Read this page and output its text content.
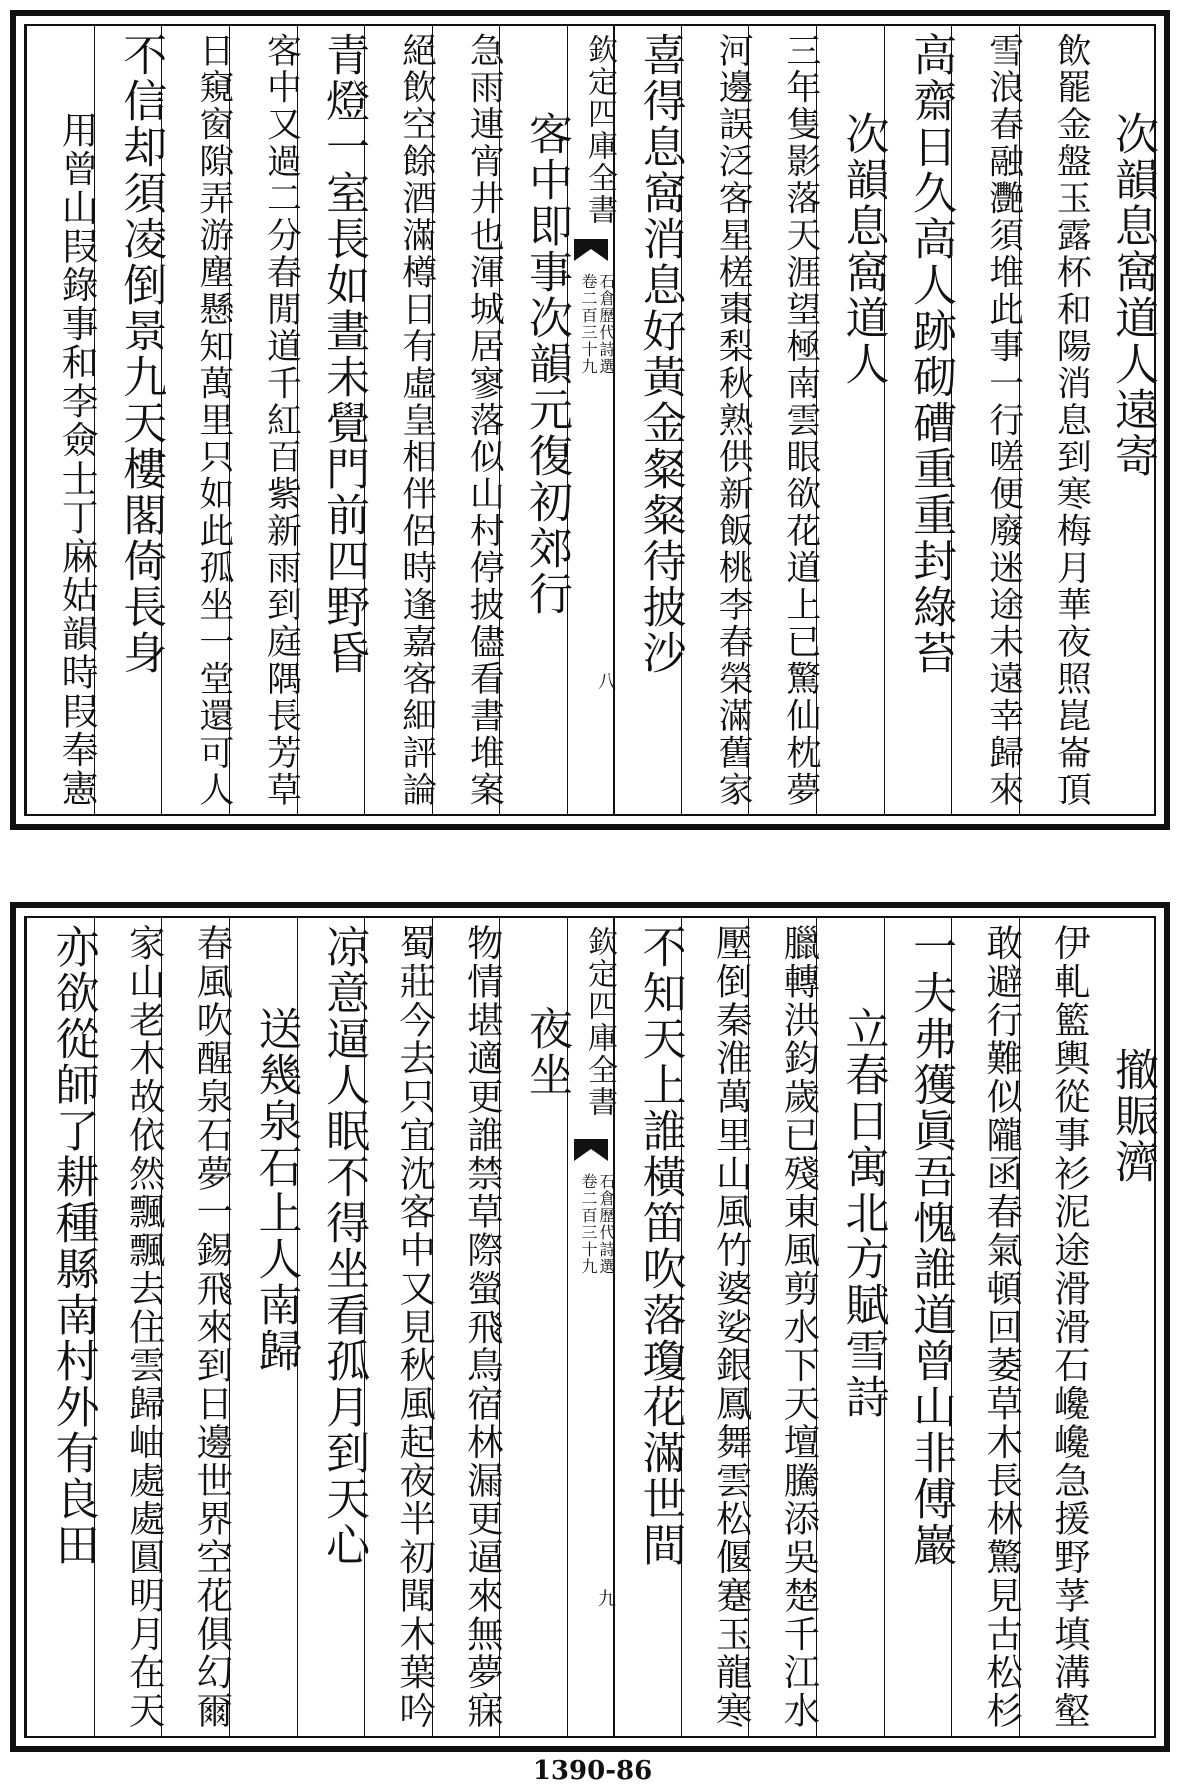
次韻息窩道人遠寄
飲罷金盤玉露杯和陽消息到寒梅月華夜照崑崙頂
雪浪春融灧須堆此事一行嗟便廢迷途未遠幸歸來
高齋日久高人跡砌𥕢重重封綠苔
次韻息窩道人
三年隻影落天涯望極南雲眼欲花道上已驚仙枕夢
河邊誤泛客星槎棗梨秋熟供新飯桃李春榮滿舊家
喜得息窩消息好黃金粲粲待披沙
欽定四庫全書
石倉歷代詩選
卷二百三十九
八
客中即事次韻元復初郊行
急雨連宵井也渾城居寥落似山村停披儘看書堆案
絕飲空餘酒滿樽日有虛皇相伴侶時逢嘉客細評論
青燈一室長如晝未覺門前四野昏
客中又過二分春閒道千紅百紫新雨到庭隅長芳草
日窺窗隙弄游塵懸知萬里只如此孤坐一堂還可人
不信却須凌倒景九天樓閣倚長身
用曾山叚錄事和李僉士丁麻姑韻時叚奉憲
撤賑濟
伊軋籃輿從事衫泥途滑滑石巉巉急援野莩填溝壑
敢避行難似隴函春氣頓回萎草木長林驚見古松杉
一夫弗獲眞吾愧誰道曾山非傅巖
立春日寓北方賦雪詩
臘轉洪鈞歲已殘東風剪水下天壇騰添吳楚千江水
壓倒秦淮萬里山風竹婆娑銀鳳舞雲松偃蹇玉龍寒
不知天上誰橫笛吹落瓊花滿世間
欽定四庫全書
石倉歷代詩選
卷二百三十九
九
夜坐
物情堪適更誰禁草際螢飛鳥宿林漏更逼來無夢寐
蜀莊今去只宜沈客中又見秋風起夜半初聞木葉吟
凉意逼人眠不得坐看孤月到天心
送幾泉石上人南歸
春風吹醒泉石夢一錫飛來到日邊世界空花俱幻爾
家山老木故依然飄飄去住雲歸岫處處圓明月在天
亦欲從師了耕種縣南村外有良田
1390-86
